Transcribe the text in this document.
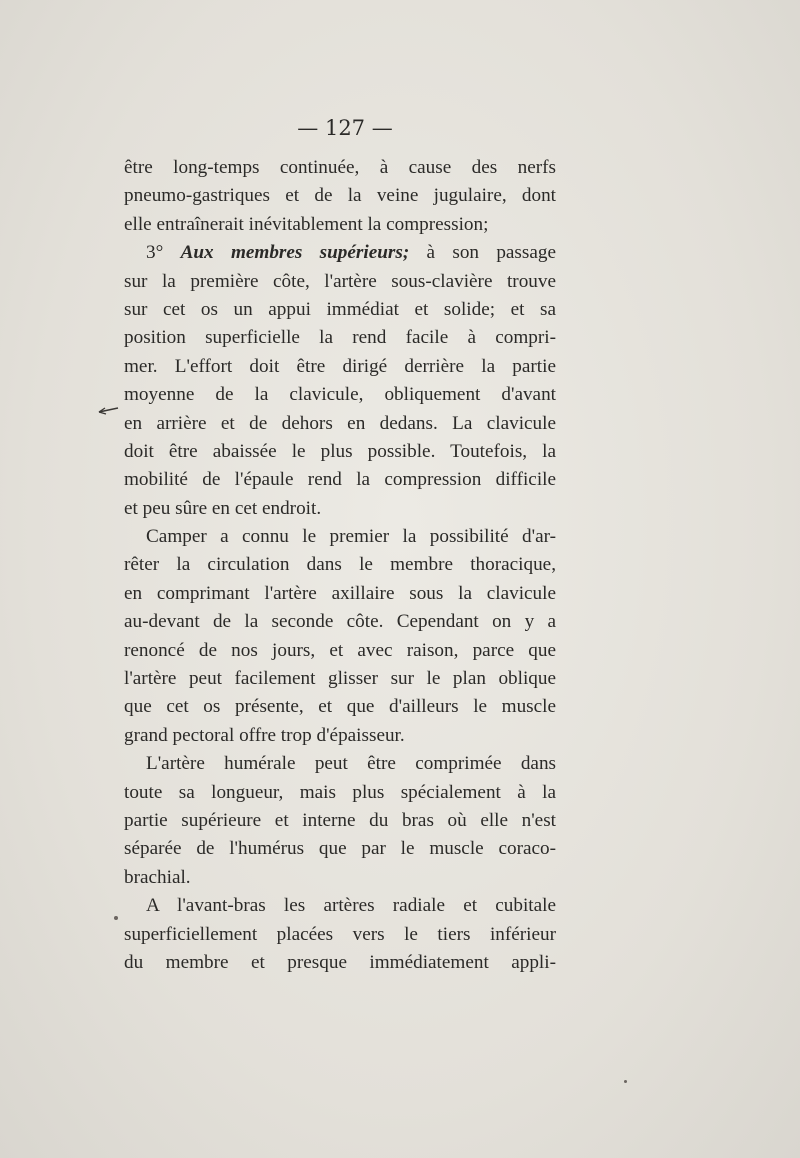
— 127 —
être long-temps continuée, à cause des nerfs
pneumo-gastriques et de la veine jugulaire, dont
elle entraînerait inévitablement la compression;
3° Aux membres supérieurs; à son passage
sur la première côte, l'artère sous-clavière trouve
sur cet os un appui immédiat et solide; et sa
position superficielle la rend facile à compri-
mer. L'effort doit être dirigé derrière la partie
moyenne de la clavicule, obliquement d'avant
en arrière et de dehors en dedans. La clavicule
doit être abaissée le plus possible. Toutefois, la
mobilité de l'épaule rend la compression difficile
et peu sûre en cet endroit.
Camper a connu le premier la possibilité d'ar-
rêter la circulation dans le membre thoracique,
en comprimant l'artère axillaire sous la clavicule
au-devant de la seconde côte. Cependant on y a
renoncé de nos jours, et avec raison, parce que
l'artère peut facilement glisser sur le plan oblique
que cet os présente, et que d'ailleurs le muscle
grand pectoral offre trop d'épaisseur.
L'artère humérale peut être comprimée dans
toute sa longueur, mais plus spécialement à la
partie supérieure et interne du bras où elle n'est
séparée de l'humérus que par le muscle coraco-
brachial.
A l'avant-bras les artères radiale et cubitale
superficiellement placées vers le tiers inférieur
du membre et presque immédiatement appli-
